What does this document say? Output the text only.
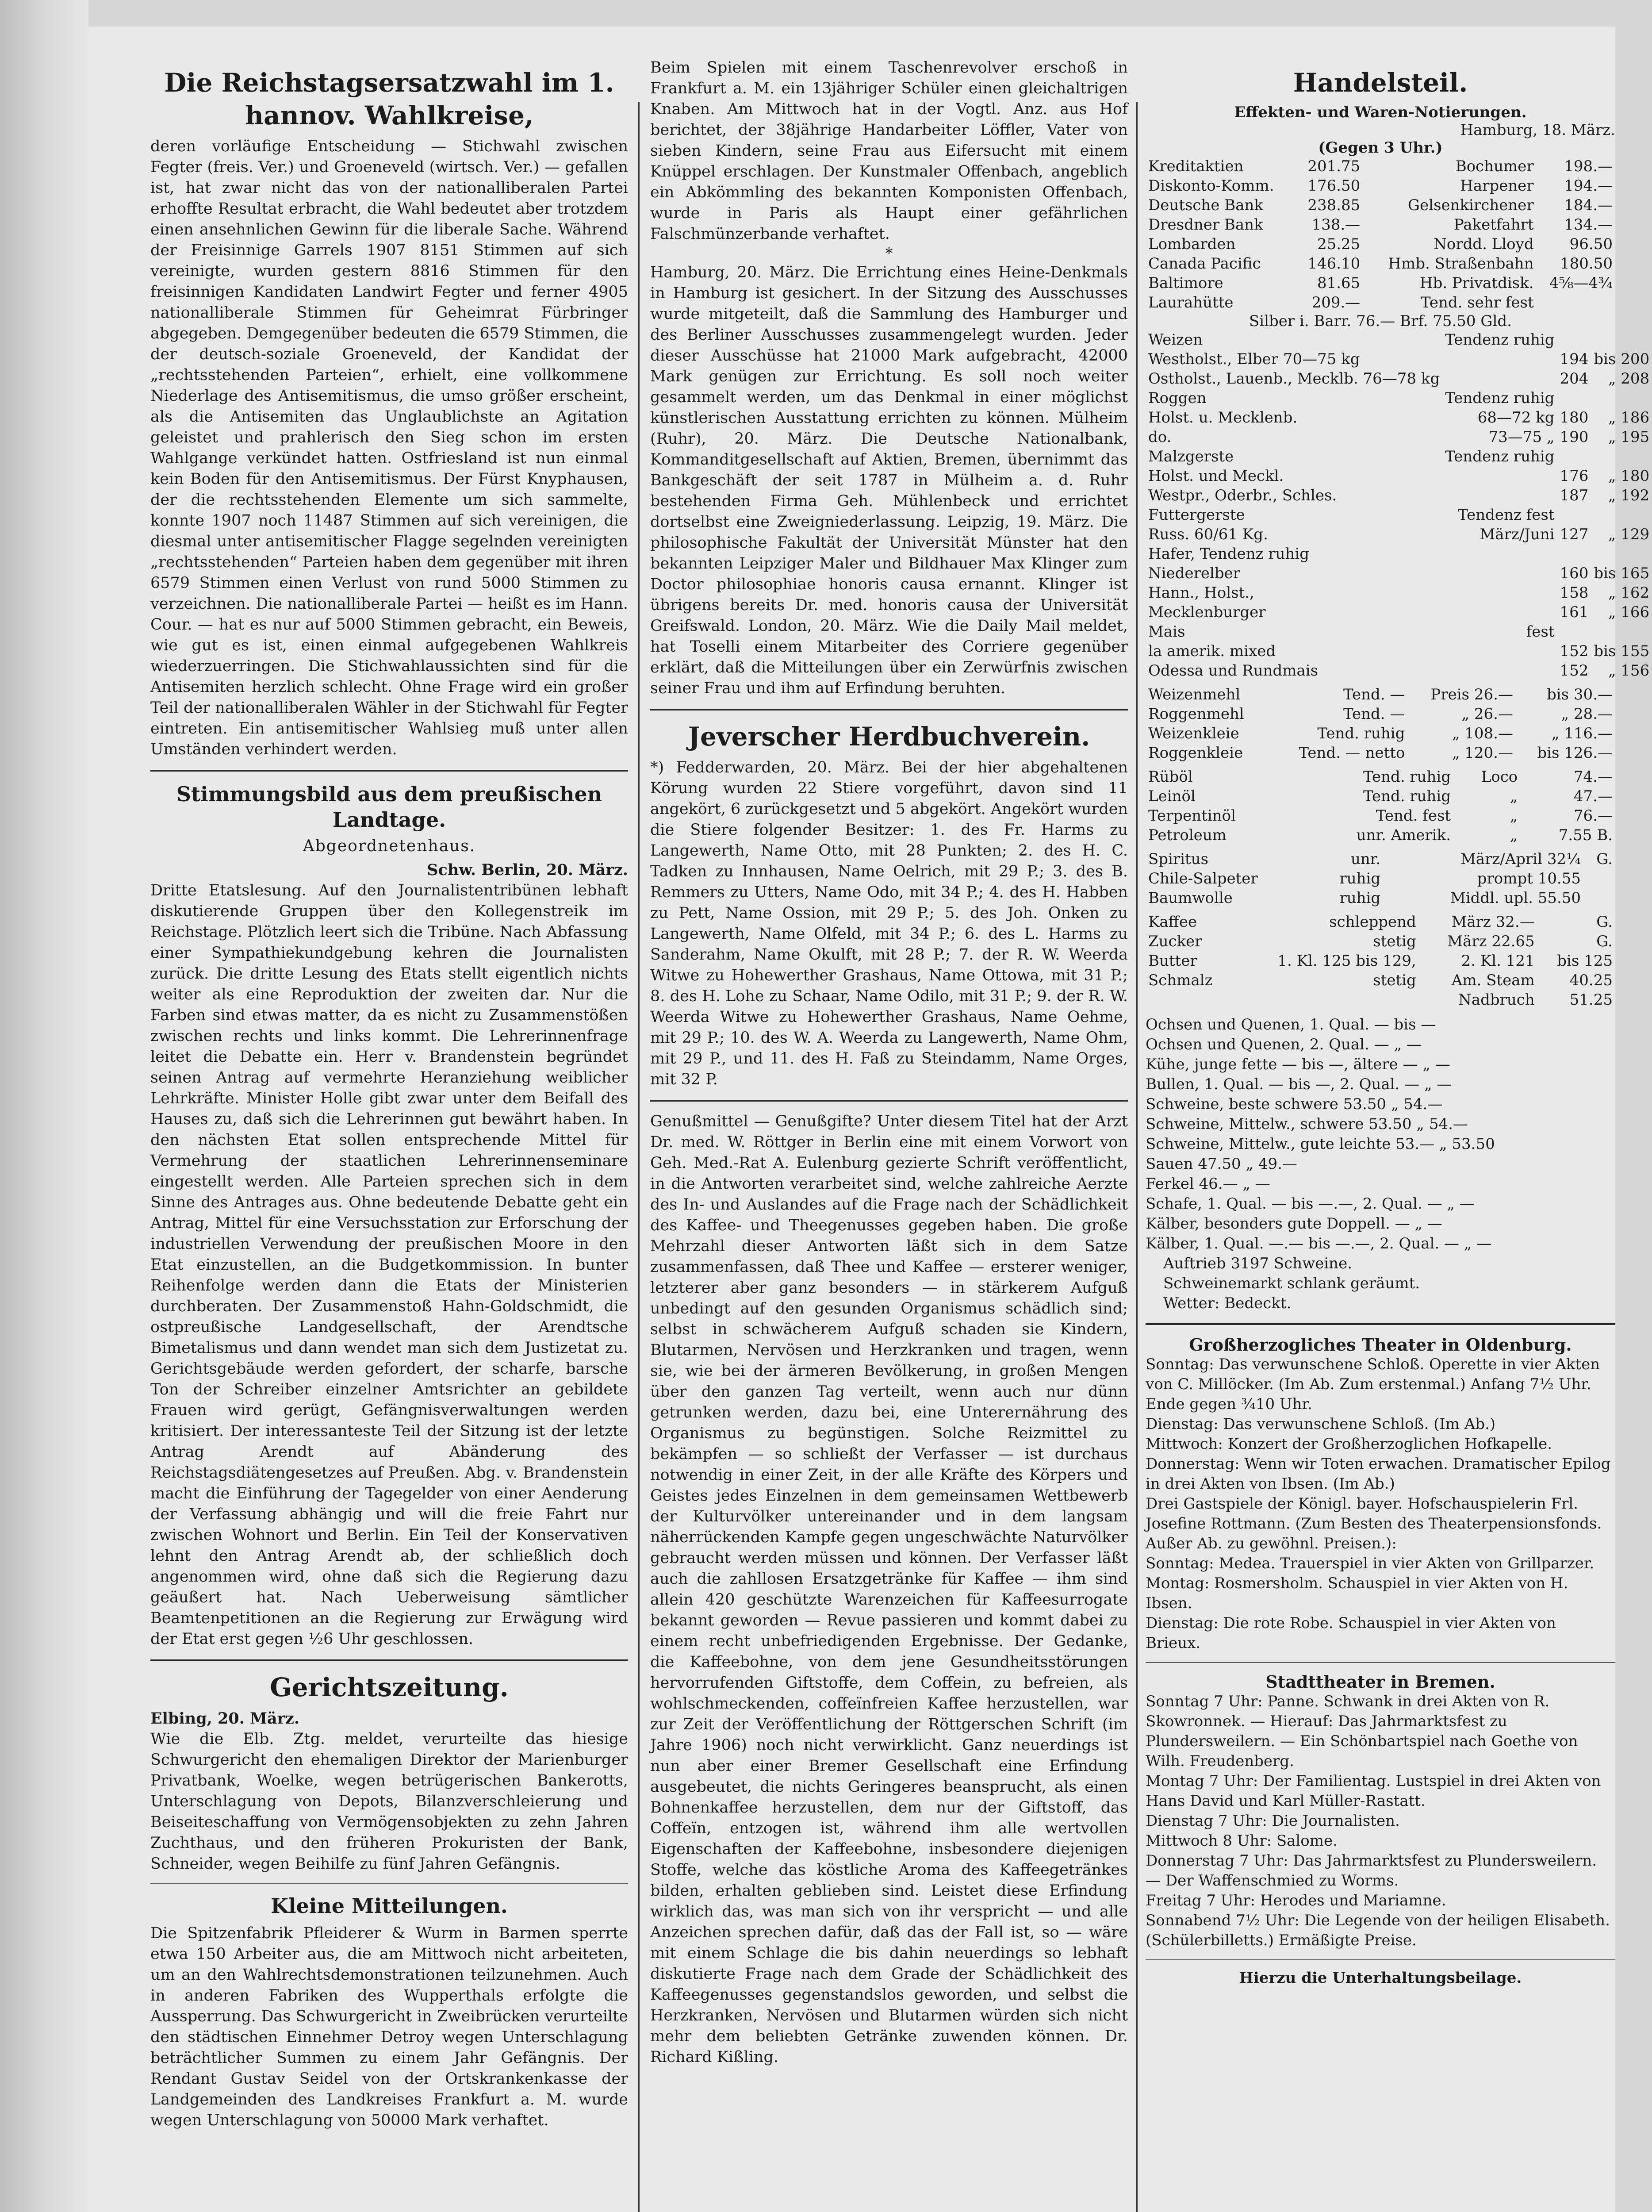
Die Reichstagsersatzwahl im 1. hannov. Wahlkreise,

deren vorläufige Entscheidung — Stichwahl zwischen Fegter (freis. Ver.) und Groeneveld (wirtsch. Ver.) — gefallen ist, hat zwar nicht das von der nationalliberalen Partei erhoffte Resultat erbracht, die Wahl bedeutet aber trotzdem einen ansehnlichen Gewinn für die liberale Sache. Während der Freisinnige Garrels 1907 8151 Stimmen auf sich vereinigte, wurden gestern 8816 Stimmen für den freisinnigen Kandidaten Landwirt Fegter und ferner 4905 nationalliberale Stimmen für Geheimrat Fürbringer abgegeben. Demgegenüber bedeuten die 6579 Stimmen, die der deutsch-soziale Groeneveld, der Kandidat der „rechtsstehenden Parteien“, erhielt, eine vollkommene Niederlage des Antisemitismus, die umso größer erscheint, als die Antisemiten das Unglaublichste an Agitation geleistet und prahlerisch den Sieg schon im ersten Wahlgange verkündet hatten. Ostfriesland ist nun einmal kein Boden für den Antisemitismus. Der Fürst Knyphausen, der die rechtsstehenden Elemente um sich sammelte, konnte 1907 noch 11487 Stimmen auf sich vereinigen, die diesmal unter antisemitischer Flagge segelnden vereinigten „rechtsstehenden“ Parteien haben dem gegenüber mit ihren 6579 Stimmen einen Verlust von rund 5000 Stimmen zu verzeichnen. Die nationalliberale Partei — heißt es im Hann. Cour. — hat es nur auf 5000 Stimmen gebracht, ein Beweis, wie gut es ist, einen einmal aufgegebenen Wahlkreis wiederzuerringen. Die Stichwahlaussichten sind für die Antisemiten herzlich schlecht. Ohne Frage wird ein großer Teil der nationalliberalen Wähler in der Stichwahl für Fegter eintreten. Ein antisemitischer Wahlsieg muß unter allen Umständen verhindert werden.

Stimmungsbild aus dem preußischen Landtage.
Abgeordnetenhaus.

Schw. Berlin, 20. März.

Dritte Etatslesung. Auf den Journalistentribünen lebhaft diskutierende Gruppen über den Kollegenstreik im Reichstage. Plötzlich leert sich die Tribüne. Nach Abfassung einer Sympathiekundgebung kehren die Journalisten zurück. Die dritte Lesung des Etats stellt eigentlich nichts weiter als eine Reproduktion der zweiten dar. Nur die Farben sind etwas matter, da es nicht zu Zusammenstößen zwischen rechts und links kommt. Die Lehrerinnenfrage leitet die Debatte ein. Herr v. Brandenstein begründet seinen Antrag auf vermehrte Heranziehung weiblicher Lehrkräfte. Minister Holle gibt zwar unter dem Beifall des Hauses zu, daß sich die Lehrerinnen gut bewährt haben. In den nächsten Etat sollen entsprechende Mittel für Vermehrung der staatlichen Lehrerinnenseminare eingestellt werden. Alle Parteien sprechen sich in dem Sinne des Antrages aus. Ohne bedeutende Debatte geht ein Antrag, Mittel für eine Versuchsstation zur Erforschung der industriellen Verwendung der preußischen Moore in den Etat einzustellen, an die Budgetkommission. In bunter Reihenfolge werden dann die Etats der Ministerien durchberaten. Der Zusammenstoß Hahn-Goldschmidt, die ostpreußische Landgesellschaft, der Arendtsche Bimetalismus und dann wendet man sich dem Justizetat zu. Gerichtsgebäude werden gefordert, der scharfe, barsche Ton der Schreiber einzelner Amtsrichter an gebildete Frauen wird gerügt, Gefängnisverwaltungen werden kritisiert. Der interessanteste Teil der Sitzung ist der letzte Antrag Arendt auf Abänderung des Reichstagsdiätengesetzes auf Preußen. Abg. v. Brandenstein macht die Einführung der Tagegelder von einer Aenderung der Verfassung abhängig und will die freie Fahrt nur zwischen Wohnort und Berlin. Ein Teil der Konservativen lehnt den Antrag Arendt ab, der schließlich doch angenommen wird, ohne daß sich die Regierung dazu geäußert hat. Nach Ueberweisung sämtlicher Beamtenpetitionen an die Regierung zur Erwägung wird der Etat erst gegen ½6 Uhr geschlossen.

Gerichtszeitung.

Elbing, 20. März.

Wie die Elb. Ztg. meldet, verurteilte das hiesige Schwurgericht den ehemaligen Direktor der Marienburger Privatbank, Woelke, wegen betrügerischen Bankerotts, Unterschlagung von Depots, Bilanzverschleierung und Beiseiteschaffung von Vermögensobjekten zu zehn Jahren Zuchthaus, und den früheren Prokuristen der Bank, Schneider, wegen Beihilfe zu fünf Jahren Gefängnis.

Kleine Mitteilungen.

Die Spitzenfabrik Pfleiderer & Wurm in Barmen sperrte etwa 150 Arbeiter aus, die am Mittwoch nicht arbeiteten, um an den Wahlrechtsdemonstrationen teilzunehmen. Auch in anderen Fabriken des Wupperthals erfolgte die Aussperrung. Das Schwurgericht in Zweibrücken verurteilte den städtischen Einnehmer Detroy wegen Unterschlagung beträchtlicher Summen zu einem Jahr Gefängnis. Der Rendant Gustav Seidel von der Ortskrankenkasse der Landgemeinden des Landkreises Frankfurt a. M. wurde wegen Unterschlagung von 50000 Mark verhaftet.

Beim Spielen mit einem Taschenrevolver erschoß in Frankfurt a. M. ein 13jähriger Schüler einen gleichaltrigen Knaben. Am Mittwoch hat in der Vogtl. Anz. aus Hof berichtet, der 38jährige Handarbeiter Löffler, Vater von sieben Kindern, seine Frau aus Eifersucht mit einem Knüppel erschlagen. Der Kunstmaler Offenbach, angeblich ein Abkömmling des bekannten Komponisten Offenbach, wurde in Paris als Haupt einer gefährlichen Falschmünzerbande verhaftet.

*

Hamburg, 20. März. Die Errichtung eines Heine-Denkmals in Hamburg ist gesichert. In der Sitzung des Ausschusses wurde mitgeteilt, daß die Sammlung des Hamburger und des Berliner Ausschusses zusammengelegt wurden. Jeder dieser Ausschüsse hat 21000 Mark aufgebracht, 42000 Mark genügen zur Errichtung. Es soll noch weiter gesammelt werden, um das Denkmal in einer möglichst künstlerischen Ausstattung errichten zu können. Mülheim (Ruhr), 20. März. Die Deutsche Nationalbank, Kommanditgesellschaft auf Aktien, Bremen, übernimmt das Bankgeschäft der seit 1787 in Mülheim a. d. Ruhr bestehenden Firma Geh. Mühlenbeck und errichtet dortselbst eine Zweigniederlassung. Leipzig, 19. März. Die philosophische Fakultät der Universität Münster hat den bekannten Leipziger Maler und Bildhauer Max Klinger zum Doctor philosophiae honoris causa ernannt. Klinger ist übrigens bereits Dr. med. honoris causa der Universität Greifswald. London, 20. März. Wie die Daily Mail meldet, hat Toselli einem Mitarbeiter des Corriere gegenüber erklärt, daß die Mitteilungen über ein Zerwürfnis zwischen seiner Frau und ihm auf Erfindung beruhten.

Jeverscher Herdbuchverein.

*) Fedderwarden, 20. März. Bei der hier abgehaltenen Körung wurden 22 Stiere vorgeführt, davon sind 11 angekört, 6 zurückgesetzt und 5 abgekört. Angekört wurden die Stiere folgender Besitzer: 1. des Fr. Harms zu Langewerth, Name Otto, mit 28 Punkten; 2. des H. C. Tadken zu Innhausen, Name Oelrich, mit 29 P.; 3. des B. Remmers zu Utters, Name Odo, mit 34 P.; 4. des H. Habben zu Pett, Name Ossion, mit 29 P.; 5. des Joh. Onken zu Langewerth, Name Olfeld, mit 34 P.; 6. des L. Harms zu Sanderahm, Name Okulft, mit 28 P.; 7. der R. W. Weerda Witwe zu Hohewerther Grashaus, Name Ottowa, mit 31 P.; 8. des H. Lohe zu Schaar, Name Odilo, mit 31 P.; 9. der R. W. Weerda Witwe zu Hohewerther Grashaus, Name Oehme, mit 29 P.; 10. des W. A. Weerda zu Langewerth, Name Ohm, mit 29 P., und 11. des H. Faß zu Steindamm, Name Orges, mit 32 P.

Genußmittel — Genußgifte? Unter diesem Titel hat der Arzt Dr. med. W. Röttger in Berlin eine mit einem Vorwort von Geh. Med.-Rat A. Eulenburg gezierte Schrift veröffentlicht, in die Antworten verarbeitet sind, welche zahlreiche Aerzte des In- und Auslandes auf die Frage nach der Schädlichkeit des Kaffee- und Theegenusses gegeben haben. Die große Mehrzahl dieser Antworten läßt sich in dem Satze zusammenfassen, daß Thee und Kaffee — ersterer weniger, letzterer aber ganz besonders — in stärkerem Aufguß unbedingt auf den gesunden Organismus schädlich sind; selbst in schwächerem Aufguß schaden sie Kindern, Blutarmen, Nervösen und Herzkranken und tragen, wenn sie, wie bei der ärmeren Bevölkerung, in großen Mengen über den ganzen Tag verteilt, wenn auch nur dünn getrunken werden, dazu bei, eine Unterernährung des Organismus zu begünstigen. Solche Reizmittel zu bekämpfen — so schließt der Verfasser — ist durchaus notwendig in einer Zeit, in der alle Kräfte des Körpers und Geistes jedes Einzelnen in dem gemeinsamen Wettbewerb der Kulturvölker untereinander und in dem langsam näherrückenden Kampfe gegen ungeschwächte Naturvölker gebraucht werden müssen und können. Der Verfasser läßt auch die zahllosen Ersatzgetränke für Kaffee — ihm sind allein 420 geschützte Warenzeichen für Kaffeesurrogate bekannt geworden — Revue passieren und kommt dabei zu einem recht unbefriedigenden Ergebnisse. Der Gedanke, die Kaffeebohne, von dem jene Gesundheitsstörungen hervorrufenden Giftstoffe, dem Coffein, zu befreien, als wohlschmeckenden, coffeïnfreien Kaffee herzustellen, war zur Zeit der Veröffentlichung der Röttgerschen Schrift (im Jahre 1906) noch nicht verwirklicht. Ganz neuerdings ist nun aber einer Bremer Gesellschaft eine Erfindung ausgebeutet, die nichts Geringeres beansprucht, als einen Bohnenkaffee herzustellen, dem nur der Giftstoff, das Coffeïn, entzogen ist, während ihm alle wertvollen Eigenschaften der Kaffeebohne, insbesondere diejenigen Stoffe, welche das köstliche Aroma des Kaffeegetränkes bilden, erhalten geblieben sind. Leistet diese Erfindung wirklich das, was man sich von ihr verspricht — und alle Anzeichen sprechen dafür, daß das der Fall ist, so — wäre mit einem Schlage die bis dahin neuerdings so lebhaft diskutierte Frage nach dem Grade der Schädlichkeit des Kaffeegenusses gegenstandslos geworden, und selbst die Herzkranken, Nervösen und Blutarmen würden sich nicht mehr dem beliebten Getränke zuwenden können. Dr. Richard Kißling.

Handelsteil.
Effekten- und Waren-Notierungen.

Hamburg, 18. März.

(Gegen 3 Uhr.)

Kreditaktien	201.75	Bochumer	198.—
Diskonto-Komm.	176.50	Harpener	194.—
Deutsche Bank	238.85	Gelsenkirchener	184.—
Dresdner Bank	138.—	Paketfahrt	134.—
Lombarden	25.25	Nordd. Lloyd	96.50
Canada Pacific	146.10	Hmb. Straßenbahn	180.50
Baltimore	81.65	Hb. Privatdisk.	4⅝—4¾
Laurahütte	209.—	Tend. sehr fest	

Silber i. Barr. 76.— Brf. 75.50 Gld.

Weizen	Tendenz ruhig		
Westholst., Elber 70—75 kg		194	bis 200
Ostholst., Lauenb., Mecklb. 76—78 kg		204	„ 208
Roggen	Tendenz ruhig		
Holst. u. Mecklenb.	68—72 kg	180	„ 186
do.	73—75 „	190	„ 195
Malzgerste	Tendenz ruhig		
Holst. und Meckl.		176	„ 180
Westpr., Oderbr., Schles.		187	„ 192
Futtergerste	Tendenz fest		
Russ. 60/61 Kg.	März/Juni	127	„ 129
Hafer, Tendenz ruhig			
Niederelber		160	bis 165
Hann., Holst.,		158	„ 162
Mecklenburger		161	„ 166
Mais	fest		
la amerik. mixed		152	bis 155
Odessa und Rundmais		152	„ 156
Weizenmehl	Tend. —	Preis 26.—	bis 30.—
Roggenmehl	Tend. —	„ 26.—	„ 28.—
Weizenkleie	Tend. ruhig	„ 108.—	„ 116.—
Roggenkleie	Tend. — netto	„ 120.—	bis 126.—
Rüböl	Tend. ruhig	Loco	74.—
Leinöl	Tend. ruhig	„	47.—
Terpentinöl	Tend. fest	„	76.—
Petroleum	unr. Amerik.	„	7.55 B.
Spiritus	unr.	März/April 32¼	G.
Chile-Salpeter	ruhig	prompt 10.55	
Baumwolle	ruhig	Middl. upl. 55.50	
Kaffee	schleppend	März 32.—	G.
Zucker	stetig	März 22.65	G.
Butter	1. Kl. 125 bis 129,	2. Kl. 121	bis 125
Schmalz	stetig	Am. Steam	40.25
		Nadbruch	51.25

Ochsen und Quenen, 1. Qual. — bis —

Ochsen und Quenen, 2. Qual. — „ —

Kühe, junge fette — bis —, ältere — „ —

Bullen, 1. Qual. — bis —, 2. Qual. — „ —

Schweine, beste schwere 53.50 „ 54.—

Schweine, Mittelw., schwere 53.50 „ 54.—

Schweine, Mittelw., gute leichte 53.— „ 53.50

Sauen 47.50 „ 49.—

Ferkel 46.— „ —

Schafe, 1. Qual. — bis —.—, 2. Qual. — „ —

Kälber, besonders gute Doppell. — „ —

Kälber, 1. Qual. —.— bis —.—, 2. Qual. — „ —

Auftrieb 3197 Schweine.

Schweinemarkt schlank geräumt.

Wetter: Bedeckt.

Großherzogliches Theater in Oldenburg.

Sonntag: Das verwunschene Schloß. Operette in vier Akten von C. Millöcker. (Im Ab. Zum erstenmal.) Anfang 7½ Uhr. Ende gegen ¾10 Uhr.

Dienstag: Das verwunschene Schloß. (Im Ab.)

Mittwoch: Konzert der Großherzoglichen Hofkapelle.

Donnerstag: Wenn wir Toten erwachen. Dramatischer Epilog in drei Akten von Ibsen. (Im Ab.)

Drei Gastspiele der Königl. bayer. Hofschauspielerin Frl. Josefine Rottmann. (Zum Besten des Theaterpensionsfonds. Außer Ab. zu gewöhnl. Preisen.):

Sonntag: Medea. Trauerspiel in vier Akten von Grillparzer.

Montag: Rosmersholm. Schauspiel in vier Akten von H. Ibsen.

Dienstag: Die rote Robe. Schauspiel in vier Akten von Brieux.

Stadttheater in Bremen.

Sonntag 7 Uhr: Panne. Schwank in drei Akten von R. Skowronnek. — Hierauf: Das Jahrmarktsfest zu Plundersweilern. — Ein Schönbartspiel nach Goethe von Wilh. Freudenberg.

Montag 7 Uhr: Der Familientag. Lustspiel in drei Akten von Hans David und Karl Müller-Rastatt.

Dienstag 7 Uhr: Die Journalisten.

Mittwoch 8 Uhr: Salome.

Donnerstag 7 Uhr: Das Jahrmarktsfest zu Plundersweilern. — Der Waffenschmied zu Worms.

Freitag 7 Uhr: Herodes und Mariamne.

Sonnabend 7½ Uhr: Die Legende von der heiligen Elisabeth. (Schülerbilletts.) Ermäßigte Preise.

Hierzu die Unterhaltungsbeilage.
